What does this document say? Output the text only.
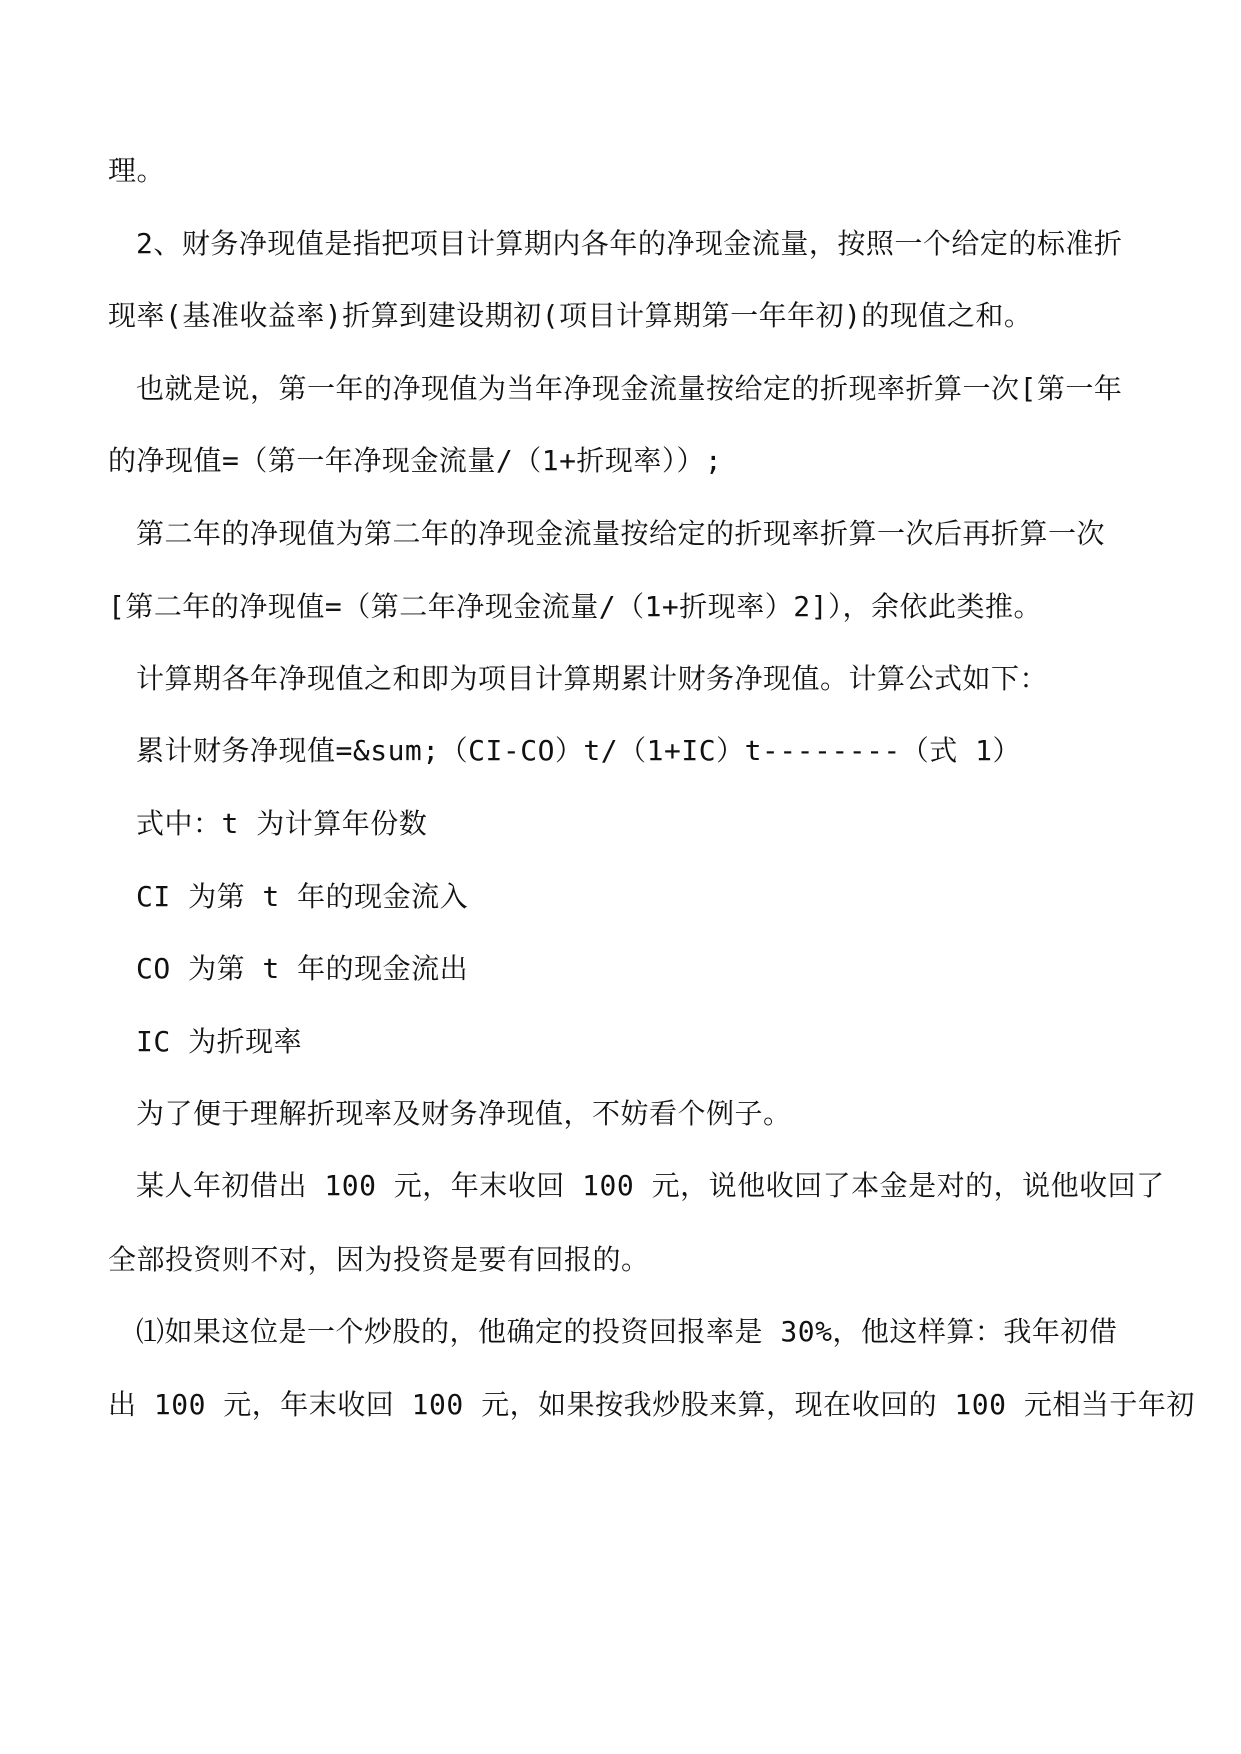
理。
2、财务净现值是指把项目计算期内各年的净现金流量，按照一个给定的标准折
现率(基准收益率)折算到建设期初(项目计算期第一年年初)的现值之和。
也就是说，第一年的净现值为当年净现金流量按给定的折现率折算一次[第一年
的净现值=（第一年净现金流量/（1+折现率））;
第二年的净现值为第二年的净现金流量按给定的折现率折算一次后再折算一次
[第二年的净现值=（第二年净现金流量/（1+折现率）2]），余依此类推。
计算期各年净现值之和即为项目计算期累计财务净现值。计算公式如下：
累计财务净现值=&sum;（CI-CO）t/（1+IC）t--------（式 1）
式中：t 为计算年份数
CI 为第 t 年的现金流入
CO 为第 t 年的现金流出
IC 为折现率
为了便于理解折现率及财务净现值，不妨看个例子。
某人年初借出 100 元，年末收回 100 元，说他收回了本金是对的，说他收回了
全部投资则不对，因为投资是要有回报的。
⑴如果这位是一个炒股的，他确定的投资回报率是 30%，他这样算：我年初借
出 100 元，年末收回 100 元，如果按我炒股来算，现在收回的 100 元相当于年初
